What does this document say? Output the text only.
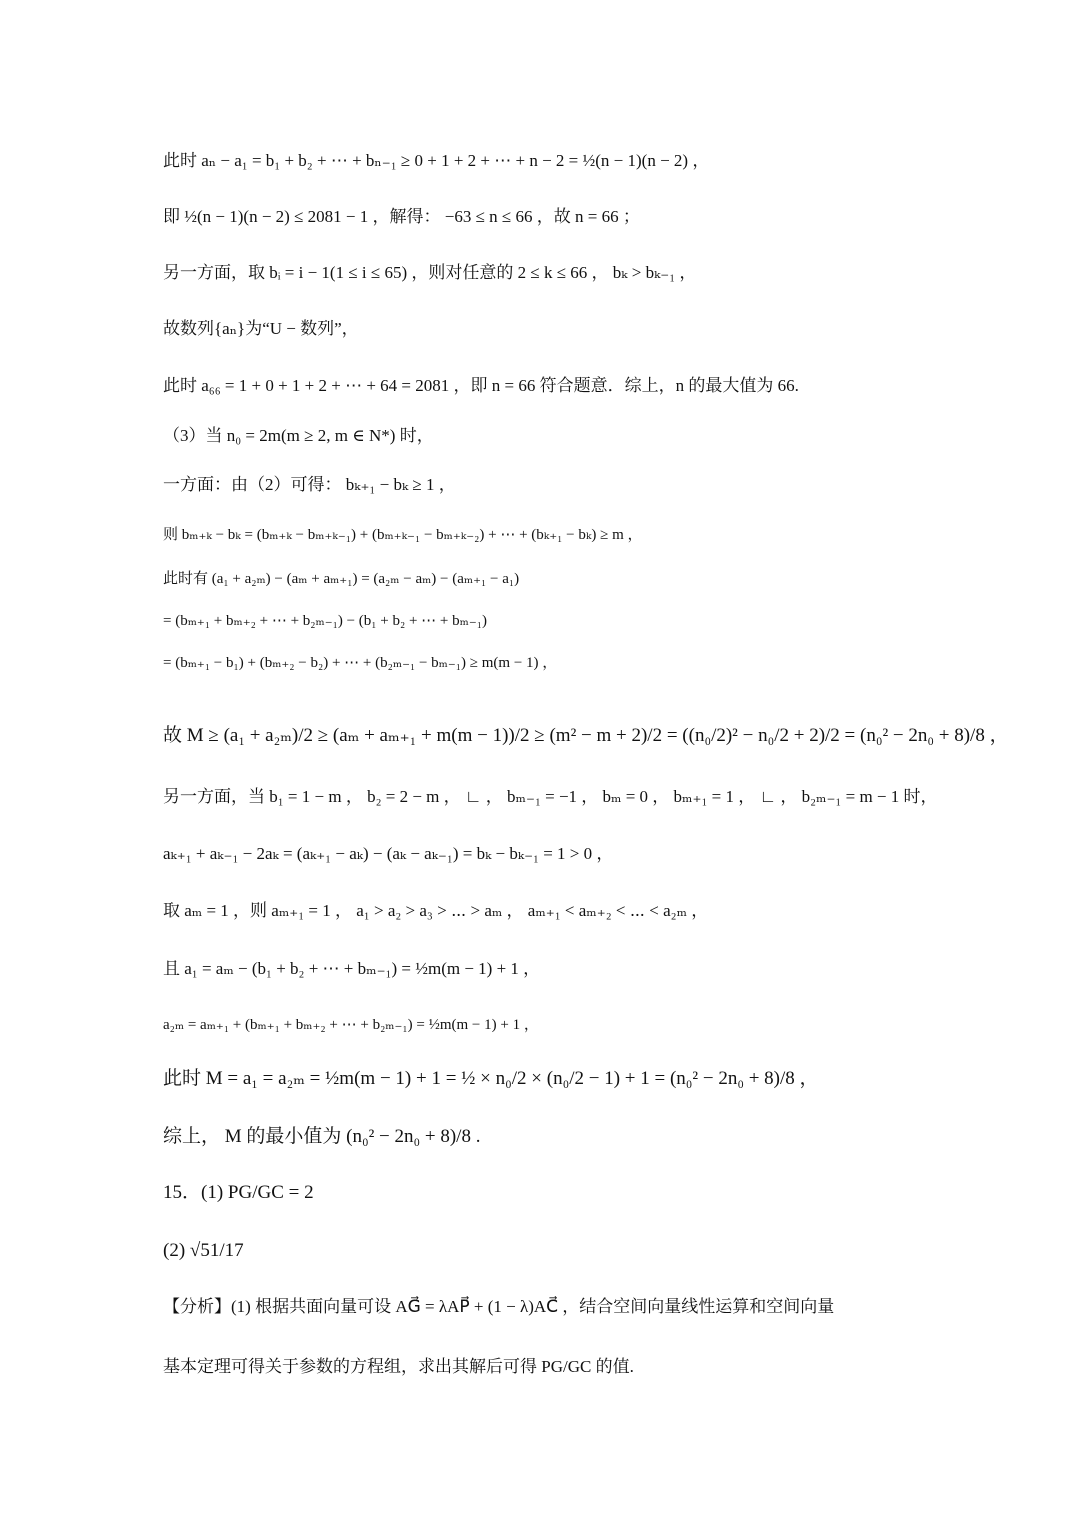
此时 aₙ − a₁ = b₁ + b₂ + ⋯ + bₙ₋₁ ≥ 0 + 1 + 2 + ⋯ + n − 2 = ½(n − 1)(n − 2) ，
即 ½(n − 1)(n − 2) ≤ 2081 − 1 ，解得： −63 ≤ n ≤ 66 ，故 n = 66 ；
另一方面，取 bᵢ = i − 1(1 ≤ i ≤ 65) ，则对任意的 2 ≤ k ≤ 66 ， bₖ > bₖ₋₁ ，
故数列{aₙ}为“U − 数列”，
此时 a₆₆ = 1 + 0 + 1 + 2 + ⋯ + 64 = 2081 ，即 n = 66 符合题意．综上，n 的最大值为 66.
（3）当 n₀ = 2m(m ≥ 2, m ∈ N*) 时，
一方面：由（2）可得： bₖ₊₁ − bₖ ≥ 1 ，
则 bₘ₊ₖ − bₖ = (bₘ₊ₖ − bₘ₊ₖ₋₁) + (bₘ₊ₖ₋₁ − bₘ₊ₖ₋₂) + ⋯ + (bₖ₊₁ − bₖ) ≥ m ，
此时有 (a₁ + a₂ₘ) − (aₘ + aₘ₊₁) = (a₂ₘ − aₘ) − (aₘ₊₁ − a₁)
= (bₘ₊₁ + bₘ₊₂ + ⋯ + b₂ₘ₋₁) − (b₁ + b₂ + ⋯ + bₘ₋₁)
= (bₘ₊₁ − b₁) + (bₘ₊₂ − b₂) + ⋯ + (b₂ₘ₋₁ − bₘ₋₁) ≥ m(m − 1) ，
故 M ≥ (a₁ + a₂ₘ)/2 ≥ (aₘ + aₘ₊₁ + m(m − 1))/2 ≥ (m² − m + 2)/2 = ((n₀/2)² − n₀/2 + 2)/2 = (n₀² − 2n₀ + 8)/8 ，
另一方面，当 b₁ = 1 − m ， b₂ = 2 − m ， ∟ ， bₘ₋₁ = −1 ， bₘ = 0 ， bₘ₊₁ = 1 ， ∟ ， b₂ₘ₋₁ = m − 1 时，
aₖ₊₁ + aₖ₋₁ − 2aₖ = (aₖ₊₁ − aₖ) − (aₖ − aₖ₋₁) = bₖ − bₖ₋₁ = 1 > 0 ，
取 aₘ = 1 ，则 aₘ₊₁ = 1 ， a₁ > a₂ > a₃ > ⋯ > aₘ ， aₘ₊₁ < aₘ₊₂ < ⋯ < a₂ₘ ，
且 a₁ = aₘ − (b₁ + b₂ + ⋯ + bₘ₋₁) = ½m(m − 1) + 1 ，
a₂ₘ = aₘ₊₁ + (bₘ₊₁ + bₘ₊₂ + ⋯ + b₂ₘ₋₁) = ½m(m − 1) + 1 ，
此时 M = a₁ = a₂ₘ = ½m(m − 1) + 1 = ½ × n₀/2 × (n₀/2 − 1) + 1 = (n₀² − 2n₀ + 8)/8 ，
综上， M 的最小值为 (n₀² − 2n₀ + 8)/8 .
15．(1) PG/GC = 2
(2) √51/17
【分析】(1) 根据共面向量可设 AG⃗ = λAP⃗ + (1 − λ)AC⃗ ，结合空间向量线性运算和空间向量
基本定理可得关于参数的方程组，求出其解后可得 PG/GC 的值.
